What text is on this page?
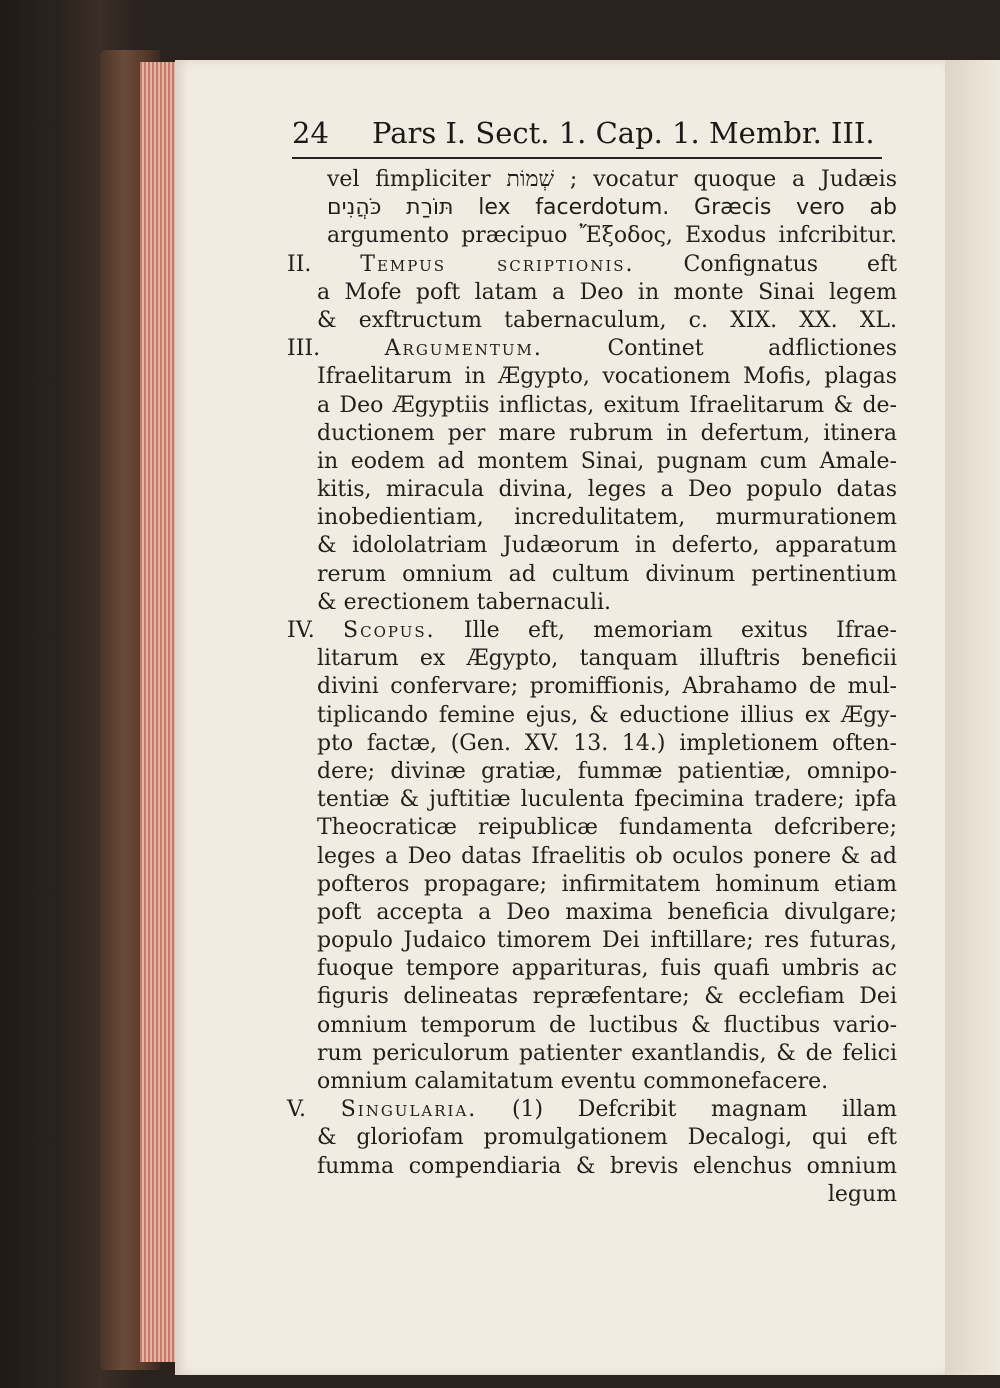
24 Pars I. Sect. 1. Cap. 1. Membr. III.
vel fimpliciter שְׁמוֹת ; vocatur quoque a Judæis
תּוֹרַת כֹּהֲנִים lex facerdotum. Græcis vero ab
argumento præcipuo Ἔξοδος, Exodus infcribitur.
II. Tempus scriptionis. Confignatus eft
a Mofe poft latam a Deo in monte Sinai legem
& exftructum tabernaculum, c. XIX. XX. XL.
III.	Argumentum.	Continet adflictiones
Ifraelitarum in Ægypto, vocationem Mofis, plagas
a Deo Ægyptiis inflictas, exitum Ifraelitarum & de-
ductionem per mare rubrum in defertum, itinera
in eodem ad montem Sinai, pugnam cum Amale-
kitis, miracula divina, leges a Deo populo datas
inobedientiam, incredulitatem, murmurationem
& idololatriam Judæorum in deferto, apparatum
rerum omnium ad cultum divinum pertinentium
& erectionem tabernaculi.
IV. Scopus. Ille eft, memoriam exitus Ifrae-
litarum ex Ægypto, tanquam illuftris beneficii
divini confervare; promiffionis, Abrahamo de mul-
tiplicando femine ejus, & eductione illius ex Ægy-
pto factæ, (Gen. XV. 13. 14.) impletionem often-
dere; divinæ gratiæ, fummæ patientiæ, omnipo-
tentiæ & juftitiæ luculenta fpecimina tradere; ipfa
Theocraticæ reipublicæ fundamenta defcribere;
leges a Deo datas Ifraelitis ob oculos ponere & ad
pofteros propagare; infirmitatem hominum etiam
poft accepta a Deo maxima beneficia divulgare;
populo Judaico timorem Dei inftillare; res futuras,
fuoque tempore apparituras, fuis quafi umbris ac
figuris delineatas repræfentare; & ecclefiam Dei
omnium temporum de luctibus & fluctibus vario-
rum periculorum patienter exantlandis, & de felici
omnium calamitatum eventu commonefacere.
V. Singularia. (1) Defcribit magnam illam
& gloriofam promulgationem Decalogi, qui eft
fumma compendiaria & brevis elenchus omnium
legum
